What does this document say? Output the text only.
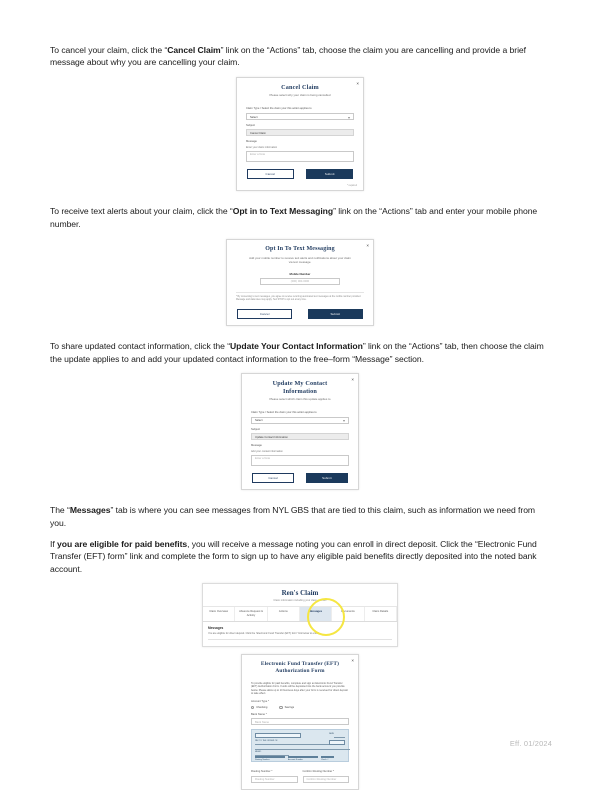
To cancel your claim, click the “Cancel Claim” link on the “Actions” tab, choose the claim you are cancelling and provide a brief message about why you are cancelling your claim.

×
Cancel Claim
Please select why your claim is being cancelled
Claim Type / Select the claim your this action applies to
Select
Subject
Cancel Claim
Message
Enter your claim information
Enter a Note
Cancel	Submit
* required

To receive text alerts about your claim, click the “Opt in to Text Messaging” link on the “Actions” tab and enter your mobile phone number.

×
Opt In To Text Messaging
Add your mobile number to receive text alerts and notifications about your claim via text message.
Mobile Number
(000) 000-0000
* By consenting to text messages, you agree to receive recurring automated text messages at the mobile number provided. Message and data rates may apply. Text STOP to opt out at any time.
Cancel	Submit

To share updated contact information, click the “Update Your Contact Information” link on the “Actions” tab, then choose the claim the update applies to and add your updated contact information to the free–form “Message” section.

×
Update My Contact Information
Please select which claim this update applies to
Claim Type / Select the claim your this action applies to
Select
Subject
Update Contact Information
Message
Add your contact information
Enter a Note
Cancel	Submit

The “Messages” tab is where you can see messages from NYL GBS that are tied to this claim, such as information we need from you.

If you are eligible for paid benefits, you will receive a message noting you can enroll in direct deposit. Click the “Electronic Fund Transfer (EFT) form” link and complete the form to sign up to have any eligible paid benefits directly deposited into the noted bank account.

Ren's Claim
Claim information including your claim number
Claim Overview	Absence Request & Activity
Actions	Messages	Documents	Claim Details
Messages
You are eligible for direct deposit. Click the “Electronic Fund Transfer (EFT) form” link below to enroll.
×
Electronic Fund Transfer (EFT)
Authorization Form
To provide eligible for paid benefits, complete and sign an Electronic Fund Transfer (EFT) Authorization Form. Funds will be deposited into the bank account you provide below. Please allow up to 10 business days after your form is received for direct deposit to take effect.
Account Type *
Checking	Savings
Bank Name *
Bank Name
DATE
PAY TO THE ORDER OF
MEMO
Routing Number	Account Number	Check #
Routing Number *
Routing Number
Confirm Routing Number *
Confirm Routing Number
Eff. 01/2024
